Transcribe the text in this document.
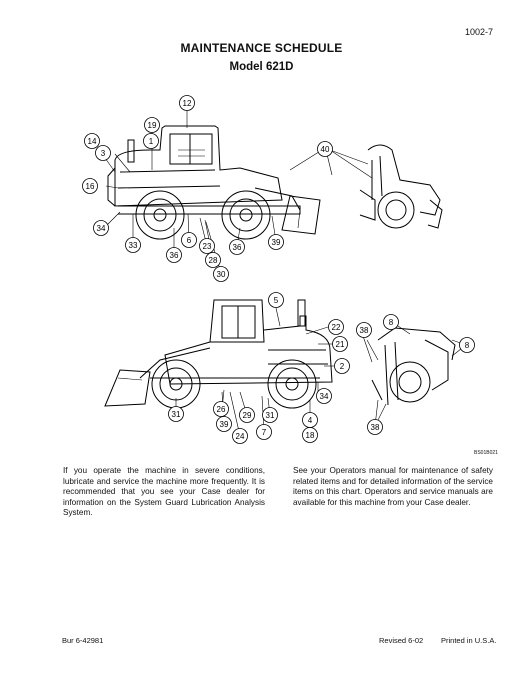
1002-7
MAINTENANCE SCHEDULE
Model 621D
12
19
14	1
3
16
34
33
6
36
23
28
30
36
39
40
5
22
21
2
34
4
18
31
26
39
24
29
7
31
38
38
8
8
BS01B021
If you operate the machine in severe conditions, lubricate and service the machine more frequently. It is recommended that you see your Case dealer for information on the System Guard Lubrication Analysis System.
See your Operators manual for maintenance of safety related items and for detailed information of the service items on this chart. Operators and service manuals are available for this machine from your Case dealer.
Bur 6-42981	Revised 6-02 Printed in U.S.A.
